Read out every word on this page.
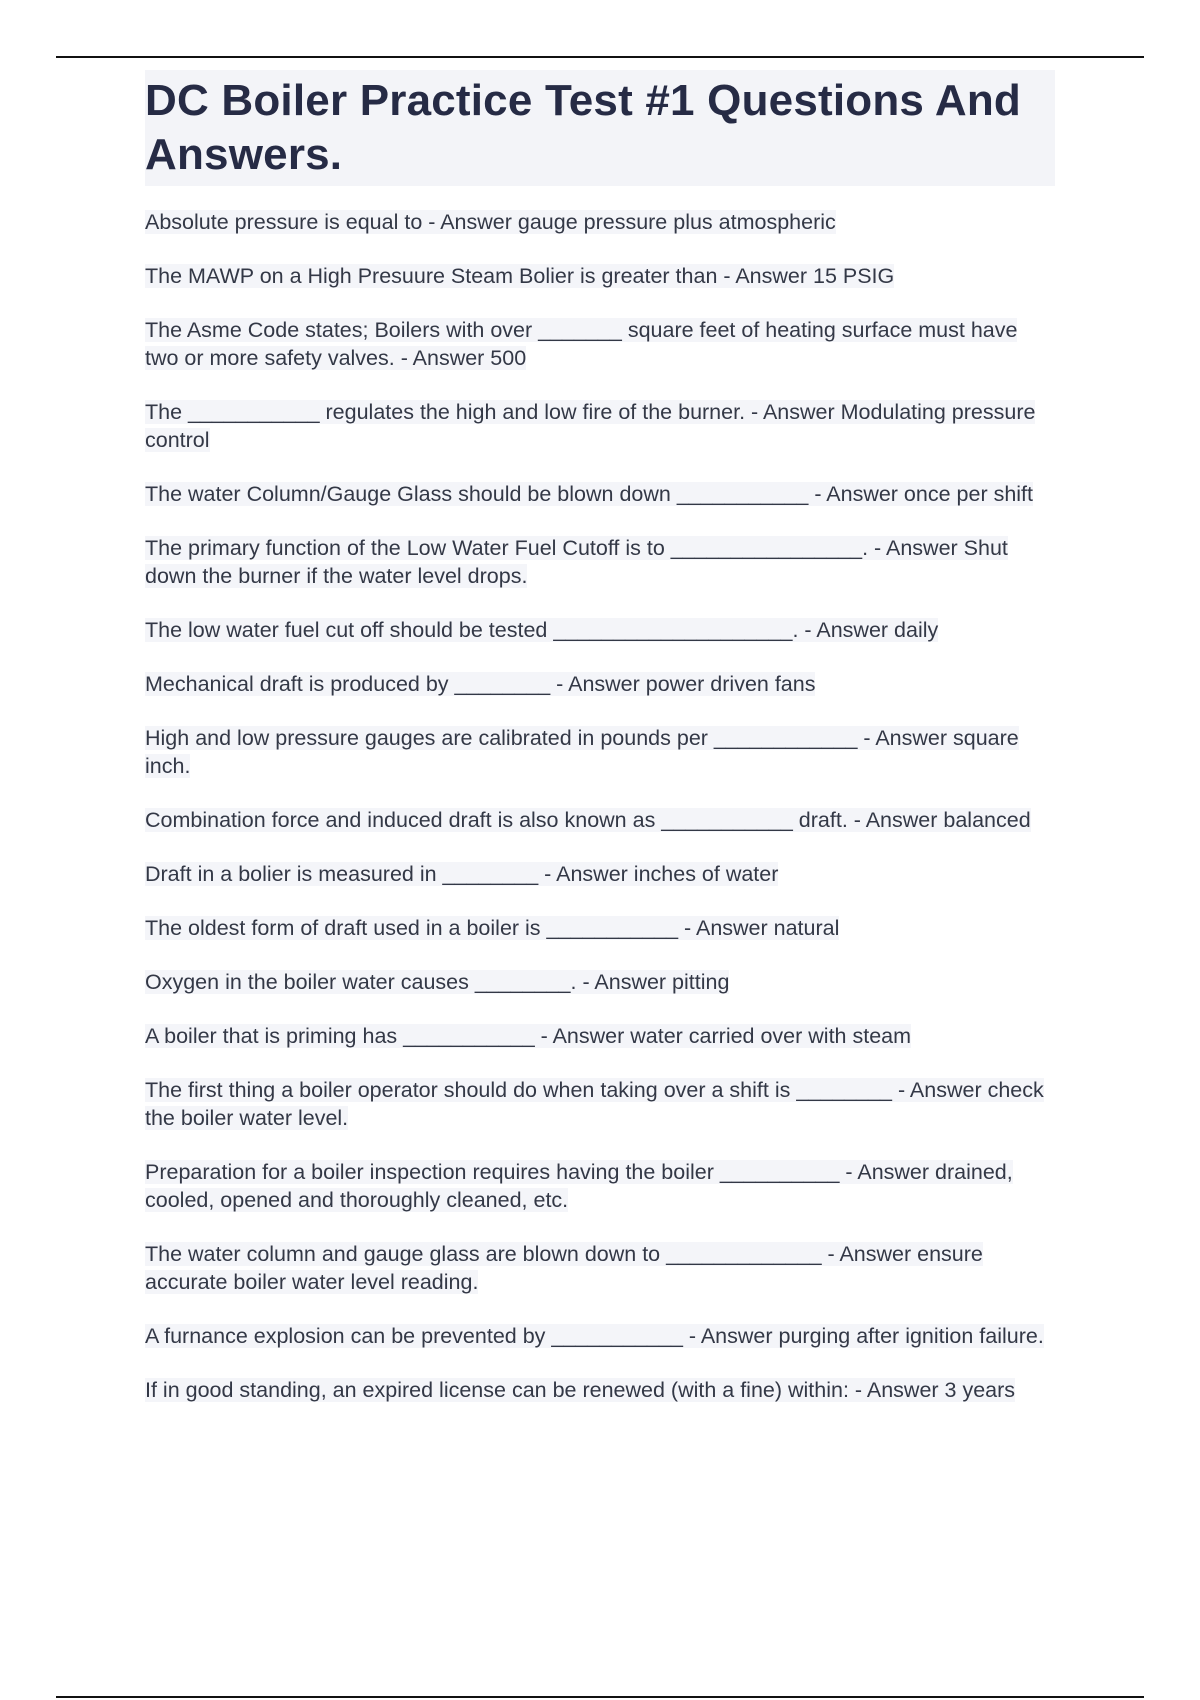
DC Boiler Practice Test #1 Questions And Answers.
Absolute pressure is equal to - Answer gauge pressure plus atmospheric
The MAWP on a High Presuure Steam Bolier is greater than - Answer 15 PSIG
The Asme Code states; Boilers with over _______ square feet of heating surface must have two or more safety valves. - Answer 500
The ___________ regulates the high and low fire of the burner. - Answer Modulating pressure control
The water Column/Gauge Glass should be blown down ___________ - Answer once per shift
The primary function of the Low Water Fuel Cutoff is to ________________. - Answer Shut down the burner if the water level drops.
The low water fuel cut off should be tested ____________________. - Answer daily
Mechanical draft is produced by ________ - Answer power driven fans
High and low pressure gauges are calibrated in pounds per ____________ - Answer square inch.
Combination force and induced draft is also known as ___________ draft. - Answer balanced
Draft in a bolier is measured in ________ - Answer inches of water
The oldest form of draft used in a boiler is ___________ - Answer natural
Oxygen in the boiler water causes ________. - Answer pitting
A boiler that is priming has ___________ - Answer water carried over with steam
The first thing a boiler operator should do when taking over a shift is ________ - Answer check the boiler water level.
Preparation for a boiler inspection requires having the boiler __________ - Answer drained, cooled, opened and thoroughly cleaned, etc.
The water column and gauge glass are blown down to _____________ - Answer ensure accurate boiler water level reading.
A furnance explosion can be prevented by ___________ - Answer purging after ignition failure.
If in good standing, an expired license can be renewed (with a fine) within: - Answer 3 years
